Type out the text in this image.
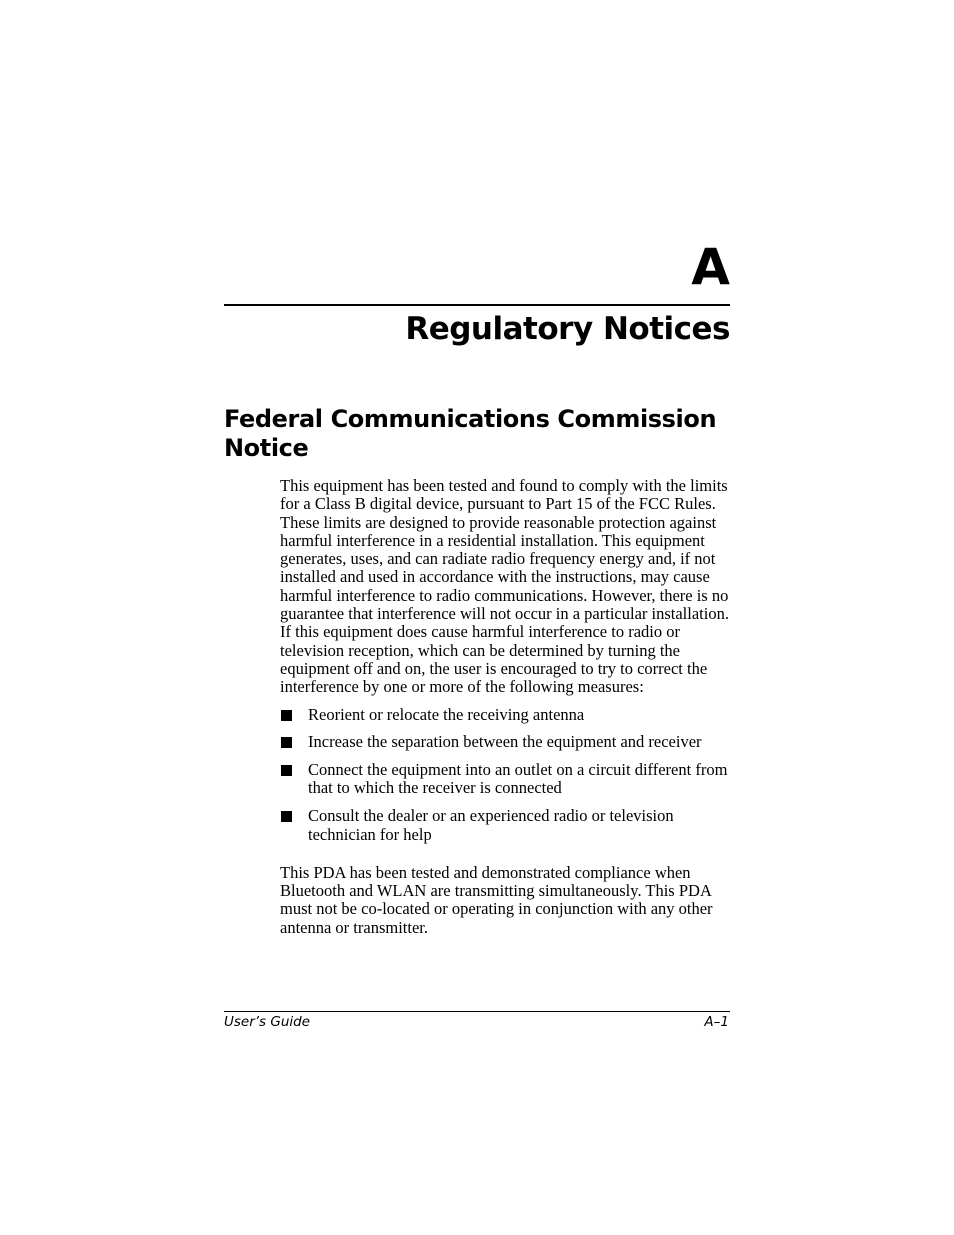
A
Regulatory Notices
Federal Communications Commission Notice

This equipment has been tested and found to comply with the limits for a Class B digital device, pursuant to Part 15 of the FCC Rules. These limits are designed to provide reasonable protection against harmful interference in a residential installation. This equipment generates, uses, and can radiate radio frequency energy and, if not installed and used in accordance with the instructions, may cause harmful interference to radio communications. However, there is no guarantee that interference will not occur in a particular installation. If this equipment does cause harmful interference to radio or television reception, which can be determined by turning the equipment off and on, the user is encouraged to try to correct the interference by one or more of the following measures:

Reorient or relocate the receiving antenna
Increase the separation between the equipment and receiver
Connect the equipment into an outlet on a circuit different from that to which the receiver is connected
Consult the dealer or an experienced radio or television technician for help

This PDA has been tested and demonstrated compliance when Bluetooth and WLAN are transmitting simultaneously. This PDA must not be co-located or operating in conjunction with any other antenna or transmitter.

User’s Guide	A–1
